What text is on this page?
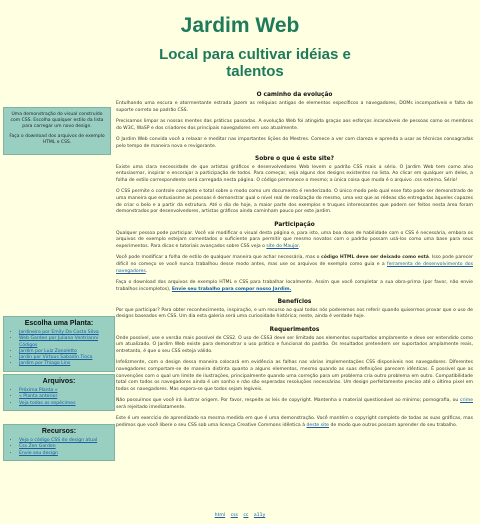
Jardim Web
Local para cultivar idéias e talentos

Uma demonstração do visual construído com CSS. Escolha qualquer estilo da lista para carregar um novo design.

Faça o download dos arquivos de exemplo HTML e CSS.

O caminho da evolução

Entulhando uma escura e atormentante estrada jazem as relíquias antigas de elementos específicos a navegadores, DOMs incompatíveis e falta de suporte correto ao padrão CSS.

Precisamos limpar as nossas mentes das práticas passadas. A evolução Web foi atingida graças aos esforços incansáveis de pessoas como os membros do W3C, WaSP e dos criadores dos principais navegadores em uso atualmente.

O Jardim Web convida você a relaxar e meditar nas importantes lições do Mestres. Comece a ver com clareza e aprenda a usar as técnicas consagradas pelo tempo de maneira nova e revigorante.

Sobre o que é este site?

Existe uma clara necessidade de que artistas gráficos e desenvolvedores Web levem o padrão CSS mais a sério. O Jardim Web tem como alvo entusiasmar, inspirar e encorajar a participação de todos. Para começar, veja alguns dos designs existentes na lista. Ao clicar em qualquer um deles, a folha de estilo correspondente será carregada nesta página. O código permanece o mesmo; a única coisa que muda é o arquivo .css externo. Sério!

O CSS permite o controle completo e total sobre o modo como um documento é renderizado. O único modo pelo qual esse fato pode ser demonstrado de uma maneira que entusiasme as pessoas é demonstrar qual o nível real de realização do mesmo, uma vez que as rédeas são entregadas àqueles capazes de criar o belo e a partir da estrutura. Até o dia de hoje, a maior parte dos exemplos e truques interessantes que podem ser feitos nesta área foram demonstrados por desenvolvedores, artistas gráficos ainda caminham pouco por este jardim.

Participação

Qualquer pessoa pode participar. Você vai modificar o visual desta página e, para isto, uma boa dose de habilidade com o CSS é necessária, embora os arquivos de exemplo estejam comentados o suficiente para permitir que mesmo novatos com o padrão possam usá-los como uma base para seus experimentos. Para dicas e tutoriais avançados sobre CSS veja o site do Maujor.

Você pode modificar a folha de estilo de qualquer maneira que achar necessária, mas o código HTML deve ser deixado como está. Isso pode parecer difícil no começo se você nunca trabalhou desse modo antes, mas use os arquivos de exemplo como guia e a ferramenta de desenvolvimento dos navegadores.

Faça o download dos arquivos de exemplo HTML e CSS para trabalhar localmente. Assim que você completar a sua obra-prima (por favor, não envie trabalhos incompletos), Envie seu trabalho para compor nosso Jardim.

Benefícios

Por que participar? Para obter reconhecimento, inspiração, e um recurso ao qual todos nós poderemos nos referir quando quisermos provar que o uso de designs baseados em CSS. Um dia esta galeria será uma curiosidade histórica; neste, ainda é verdade hoje.

Requerimentos

Onde possível, use e versão mais possível de CSS2. O uso de CSS3 deve ser limitado aos elementos suportados amplamente e deve ser entendido como um atualizado. O Jardim Web existe para demonstrar o uso prático e funcional do padrão. Os resultados pretendem ser suportados amplamente reais, entretanto, é que o seu CSS esteja válido.

Infelizmente, com o design dessa maneira colocará em evidência as falhas nas várias implementações CSS disponíveis nos navegadores. Diferentes navegadores comportam-se de maneira distinta quanto a alguns elementos, mesmo quando as suas definições parecem idênticas. É possível que as convenções com o qual um limite de ilustrações, principalmente quando uma correção para um problema cria outro problema em outro. Compatibilidade total com todos os navegadores ainda é um sonho e não são esperadas resoluções necessárias. Um design perfeitamente preciso até o último pixel em todos os navegadores. Mas espera-se que todos sejam legíveis.

Não possuímos que você irá ilustrar origem. Por favor, respeite as leis de copyright. Mantenha o material questionável ao mínimo; pornografia, ou crime será rejeitado imediatamente.

Este é um exercício de aprendizado na mesma medida em que é uma demonstração. Você mantém o copyright completo de todas as suas gráficas, mas pedimos que você libere o seu CSS sob uma licença Creative Commons idêntica à deste site de modo que outros possam aprender do seu trabalho.

Escolha uma Planta:
• Jardineiro por Emily Da Costa Silva
• Web Garden por Juliano Ventrianni Códigos
• Jardim por Luiz Zanoletto
• Jardin por Virtuus Sabadin Tioca
• Jardim por Thiago Lins
Arquivos:
• Próxima Planta »
• « Planta anterior
• Veja todas as espécimes
Recursos:
• Veja o código CSS do design atual
• Css Zen Garden
• Envie seu design
html css cc a11y
